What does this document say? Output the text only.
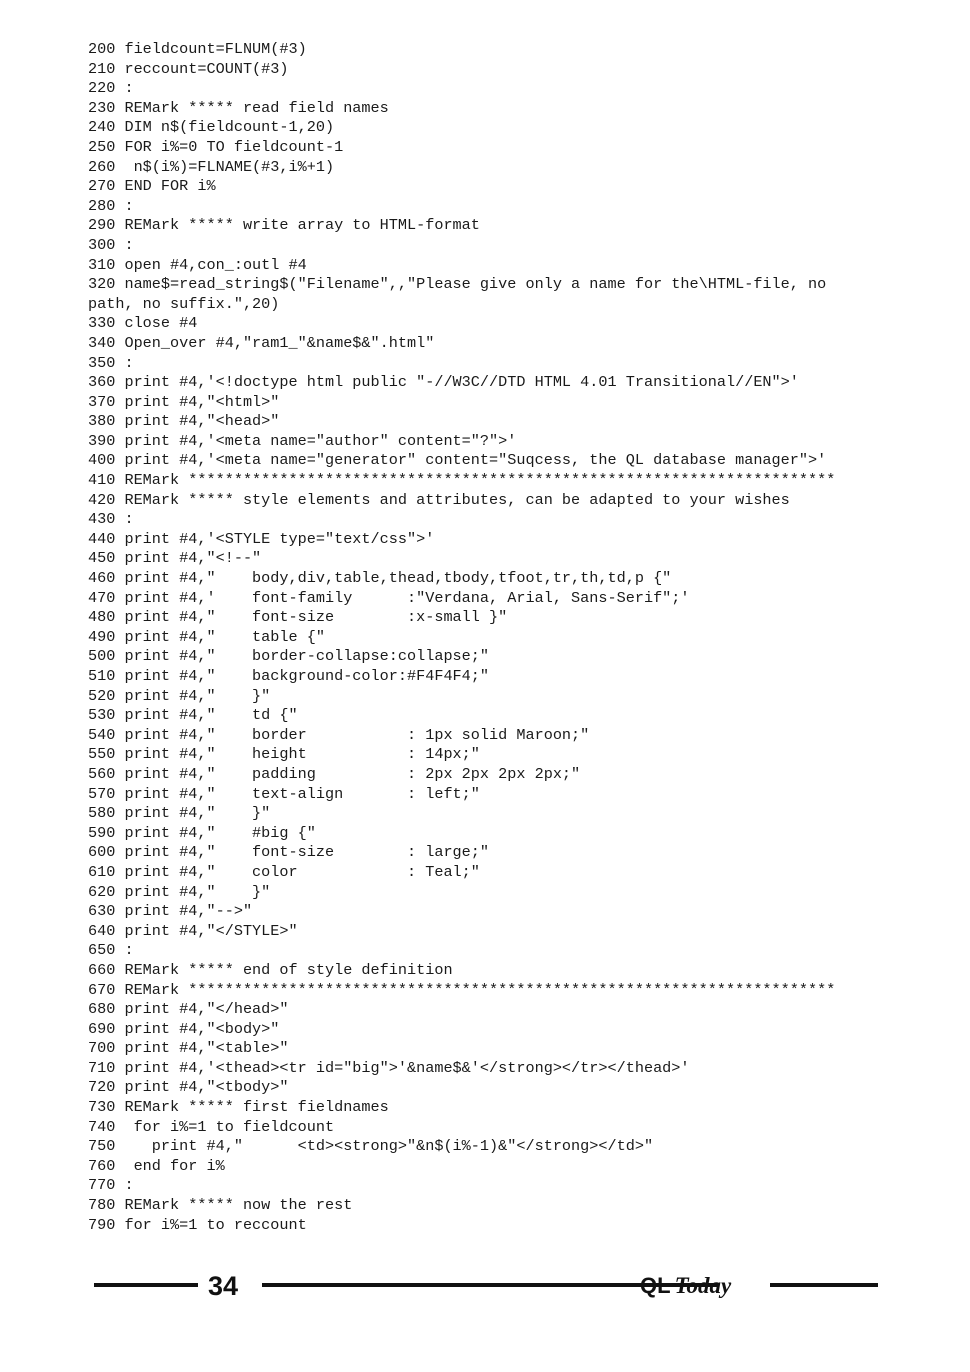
200 fieldcount=FLNUM(#3)
210 reccount=COUNT(#3)
220 :
230 REMark ***** read field names
240 DIM n$(fieldcount-1,20)
250 FOR i%=0 TO fieldcount-1
260  n$(i%)=FLNAME(#3,i%+1)
270 END FOR i%
280 :
290 REMark ***** write array to HTML-format
300 :
310 open #4,con_:outl #4
320 name$=read_string$("Filename",,"Please give only a name for the\HTML-file, no
path, no suffix.",20)
330 close #4
340 Open_over #4,"ram1_"&name$&".html"
350 :
360 print #4,'<!doctype html public "-//W3C//DTD HTML 4.01 Transitional//EN">'
370 print #4,"<html>"
380 print #4,"<head>"
390 print #4,'<meta name="author" content="?">'
400 print #4,'<meta name="generator" content="Suqcess, the QL database manager">'
410 REMark ***********************************************************************
420 REMark ***** style elements and attributes, can be adapted to your wishes
430 :
440 print #4,'<STYLE type="text/css">'
450 print #4,"<!--"
460 print #4,"    body,div,table,thead,tbody,tfoot,tr,th,td,p {"
470 print #4,'    font-family      :"Verdana, Arial, Sans-Serif";'
480 print #4,"    font-size        :x-small }"
490 print #4,"    table {"
500 print #4,"    border-collapse:collapse;"
510 print #4,"    background-color:#F4F4F4;"
520 print #4,"    }"
530 print #4,"    td {"
540 print #4,"    border           : 1px solid Maroon;"
550 print #4,"    height           : 14px;"
560 print #4,"    padding          : 2px 2px 2px 2px;"
570 print #4,"    text-align       : left;"
580 print #4,"    }"
590 print #4,"    #big {"
600 print #4,"    font-size        : large;"
610 print #4,"    color            : Teal;"
620 print #4,"    }"
630 print #4,"-->"
640 print #4,"</STYLE>"
650 :
660 REMark ***** end of style definition
670 REMark ***********************************************************************
680 print #4,"</head>"
690 print #4,"<body>"
700 print #4,"<table>"
710 print #4,'<thead><tr id="big">'&name$&'</strong></tr></thead>'
720 print #4,"<tbody>"
730 REMark ***** first fieldnames
740  for i%=1 to fieldcount
750    print #4,"      <td><strong>"&n$(i%-1)&"</strong></td>"
760  end for i%
770 :
780 REMark ***** now the rest
790 for i%=1 to reccount
34	QL Today
